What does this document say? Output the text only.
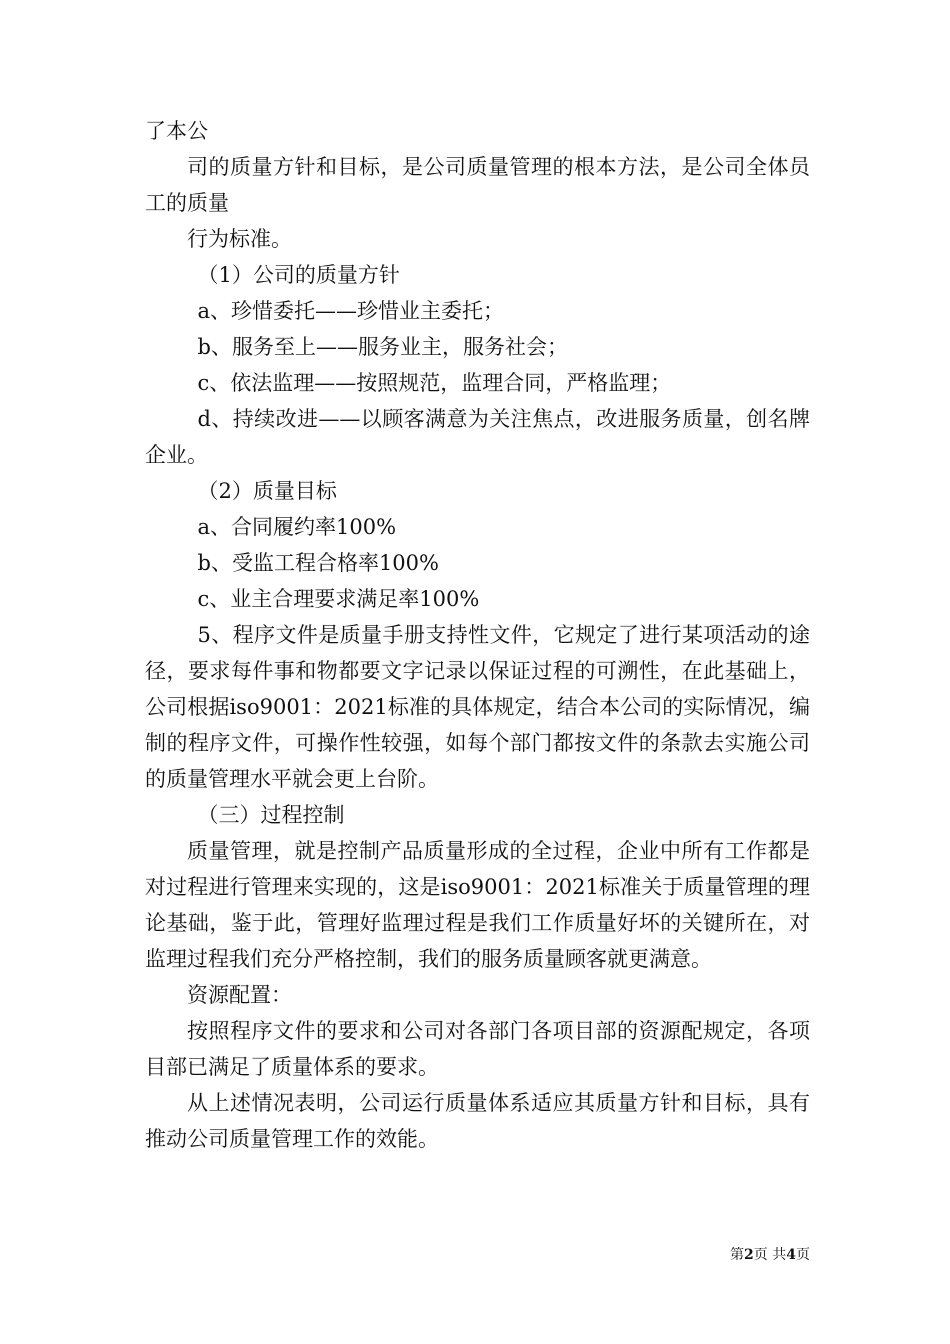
了本公

司的质量方针和目标，是公司质量管理的根本方法，是公司全体员工的质量

行为标准。

（1）公司的质量方针

a、珍惜委托——珍惜业主委托；

b、服务至上——服务业主，服务社会；

c、依法监理——按照规范，监理合同，严格监理；

d、持续改进——以顾客满意为关注焦点，改进服务质量，创名牌企业。

（2）质量目标

a、合同履约率100%

b、受监工程合格率100%

c、业主合理要求满足率100%

5、程序文件是质量手册支持性文件，它规定了进行某项活动的途径，要求每件事和物都要文字记录以保证过程的可溯性，在此基础上，公司根据iso9001：2021标准的具体规定，结合本公司的实际情况，编制的程序文件，可操作性较强，如每个部门都按文件的条款去实施公司的质量管理水平就会更上台阶。

（三）过程控制

质量管理，就是控制产品质量形成的全过程，企业中所有工作都是对过程进行管理来实现的，这是iso9001：2021标准关于质量管理的理论基础，鉴于此，管理好监理过程是我们工作质量好坏的关键所在，对监理过程我们充分严格控制，我们的服务质量顾客就更满意。

资源配置：

按照程序文件的要求和公司对各部门各项目部的资源配规定，各项目部已满足了质量体系的要求。

从上述情况表明，公司运行质量体系适应其质量方针和目标，具有推动公司质量管理工作的效能。

第2页 共4页
